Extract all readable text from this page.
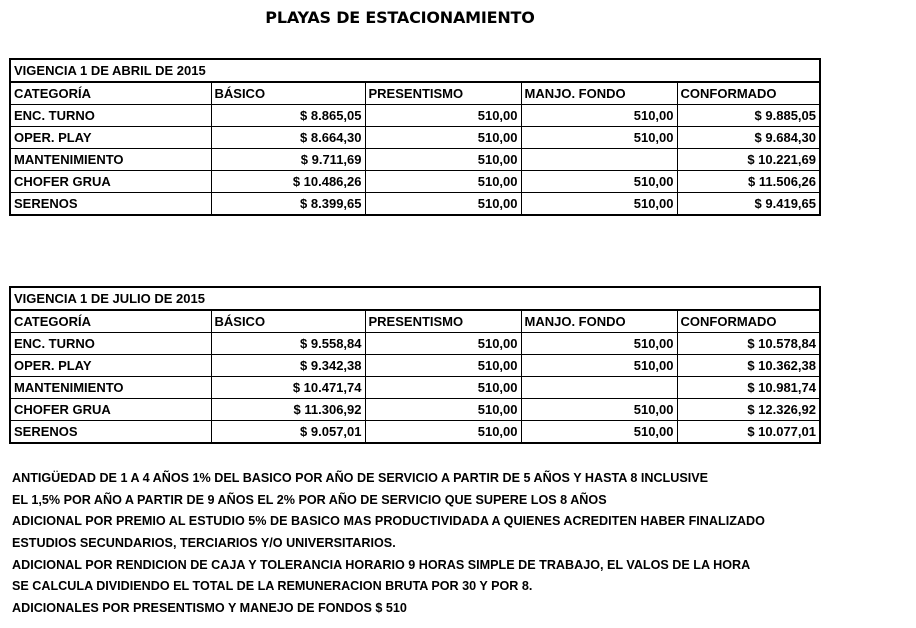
PLAYAS DE ESTACIONAMIENTO
VIGENCIA 1 DE ABRIL DE 2015				
CATEGORÍA	BÁSICO	PRESENTISMO	MANJO. FONDO	CONFORMADO
ENC. TURNO	$ 8.865,05	510,00	510,00	$ 9.885,05
OPER. PLAY	$ 8.664,30	510,00	510,00	$ 9.684,30
MANTENIMIENTO	$ 9.711,69	510,00		$ 10.221,69
CHOFER GRUA	$ 10.486,26	510,00	510,00	$ 11.506,26
SERENOS	$ 8.399,65	510,00	510,00	$ 9.419,65
VIGENCIA 1 DE JULIO DE 2015				
CATEGORÍA	BÁSICO	PRESENTISMO	MANJO. FONDO	CONFORMADO
ENC. TURNO	$ 9.558,84	510,00	510,00	$ 10.578,84
OPER. PLAY	$ 9.342,38	510,00	510,00	$ 10.362,38
MANTENIMIENTO	$ 10.471,74	510,00		$ 10.981,74
CHOFER GRUA	$ 11.306,92	510,00	510,00	$ 12.326,92
SERENOS	$ 9.057,01	510,00	510,00	$ 10.077,01
ANTIGÜEDAD DE 1 A 4 AÑOS 1% DEL BASICO POR AÑO DE SERVICIO A PARTIR DE 5 AÑOS Y HASTA 8 INCLUSIVE
EL 1,5% POR AÑO A PARTIR DE 9 AÑOS EL 2% POR AÑO DE SERVICIO QUE SUPERE LOS 8 AÑOS
ADICIONAL POR PREMIO AL ESTUDIO 5% DE BASICO MAS PRODUCTIVIDADA A QUIENES ACREDITEN HABER FINALIZADO
ESTUDIOS SECUNDARIOS, TERCIARIOS Y/O UNIVERSITARIOS.
ADICIONAL POR RENDICION DE CAJA Y TOLERANCIA HORARIO 9 HORAS SIMPLE DE TRABAJO, EL VALOS DE LA HORA
SE CALCULA DIVIDIENDO EL TOTAL DE LA REMUNERACION BRUTA POR 30 Y POR 8.
ADICIONALES POR PRESENTISMO Y MANEJO DE FONDOS $ 510
